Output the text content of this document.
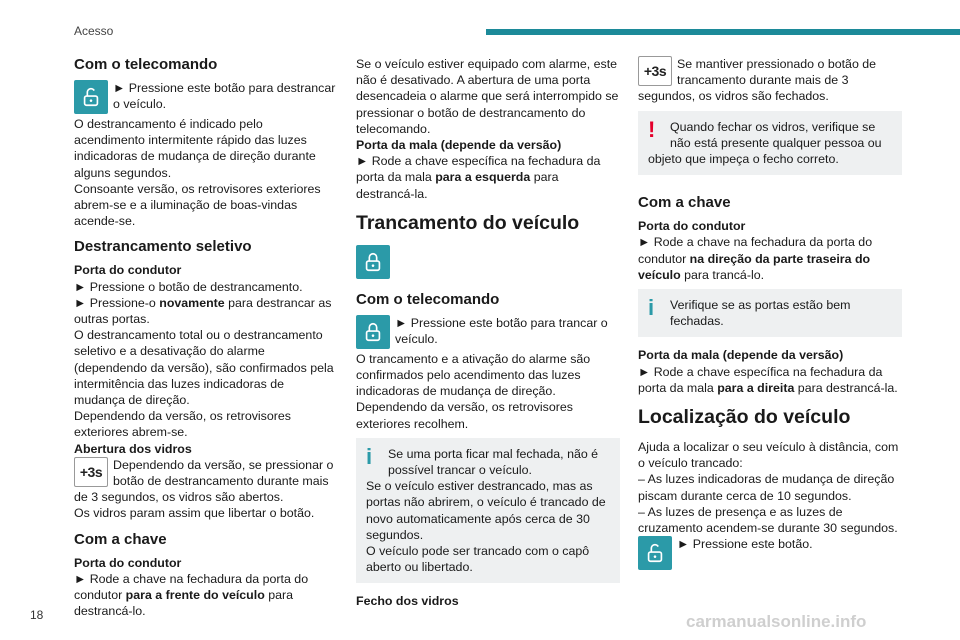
Acesso
Com o telecomando

► Pressione este botão para destrancar o veículo.

O destrancamento é indicado pelo acendimento intermitente rápido das luzes indicadoras de mudança de direção durante alguns segundos.

Consoante versão, os retrovisores exteriores abrem-se e a iluminação de boas-vindas acende-se.

Destrancamento seletivo

Porta do condutor

► Pressione o botão de destrancamento.

► Pressione-o novamente para destrancar as outras portas.

O destrancamento total ou o destrancamento seletivo e a desativação do alarme (dependendo da versão), são confirmados pela intermitência das luzes indicadoras de mudança de direção.

Dependendo da versão, os retrovisores exteriores abrem-se.

Abertura dos vidros

+3s Dependendo da versão, se pressionar o botão de destrancamento durante mais de 3 segundos, os vidros são abertos.

Os vidros param assim que libertar o botão.

Com a chave

Porta do condutor

► Rode a chave na fechadura da porta do condutor para a frente do veículo para destrancá-lo.

Se o veículo estiver equipado com alarme, este não é desativado. A abertura de uma porta desencadeia o alarme que será interrompido se pressionar o botão de destrancamento do telecomando.

Porta da mala (depende da versão)

► Rode a chave específica na fechadura da porta da mala para a esquerda para destrancá-la.

Trancamento do veículo
Com o telecomando

► Pressione este botão para trancar o veículo.

O trancamento e a ativação do alarme são confirmados pelo acendimento das luzes indicadoras de mudança de direção.

Dependendo da versão, os retrovisores exteriores recolhem.

i	Se uma porta ficar mal fechada, não é possível trancar o veículo.

Se o veículo estiver destrancado, mas as portas não abrirem, o veículo é trancado de novo automaticamente após cerca de 30 segundos.

O veículo pode ser trancado com o capô aberto ou libertado.

Fecho dos vidros

+3s Se mantiver pressionado o botão de trancamento durante mais de 3 segundos, os vidros são fechados.

!	Quando fechar os vidros, verifique se não está presente qualquer pessoa ou objeto que impeça o fecho correto.

Com a chave

Porta do condutor

► Rode a chave na fechadura da porta do condutor na direção da parte traseira do veículo para trancá-lo.

i	Verifique se as portas estão bem fechadas.

Porta da mala (depende da versão)

► Rode a chave específica na fechadura da porta da mala para a direita para destrancá-la.

Localização do veículo

Ajuda a localizar o seu veículo à distância, com o veículo trancado:

– As luzes indicadoras de mudança de direção piscam durante cerca de 10 segundos.

– As luzes de presença e as luzes de cruzamento acendem-se durante 30 segundos.

► Pressione este botão.

18	carmanualsonline.info
